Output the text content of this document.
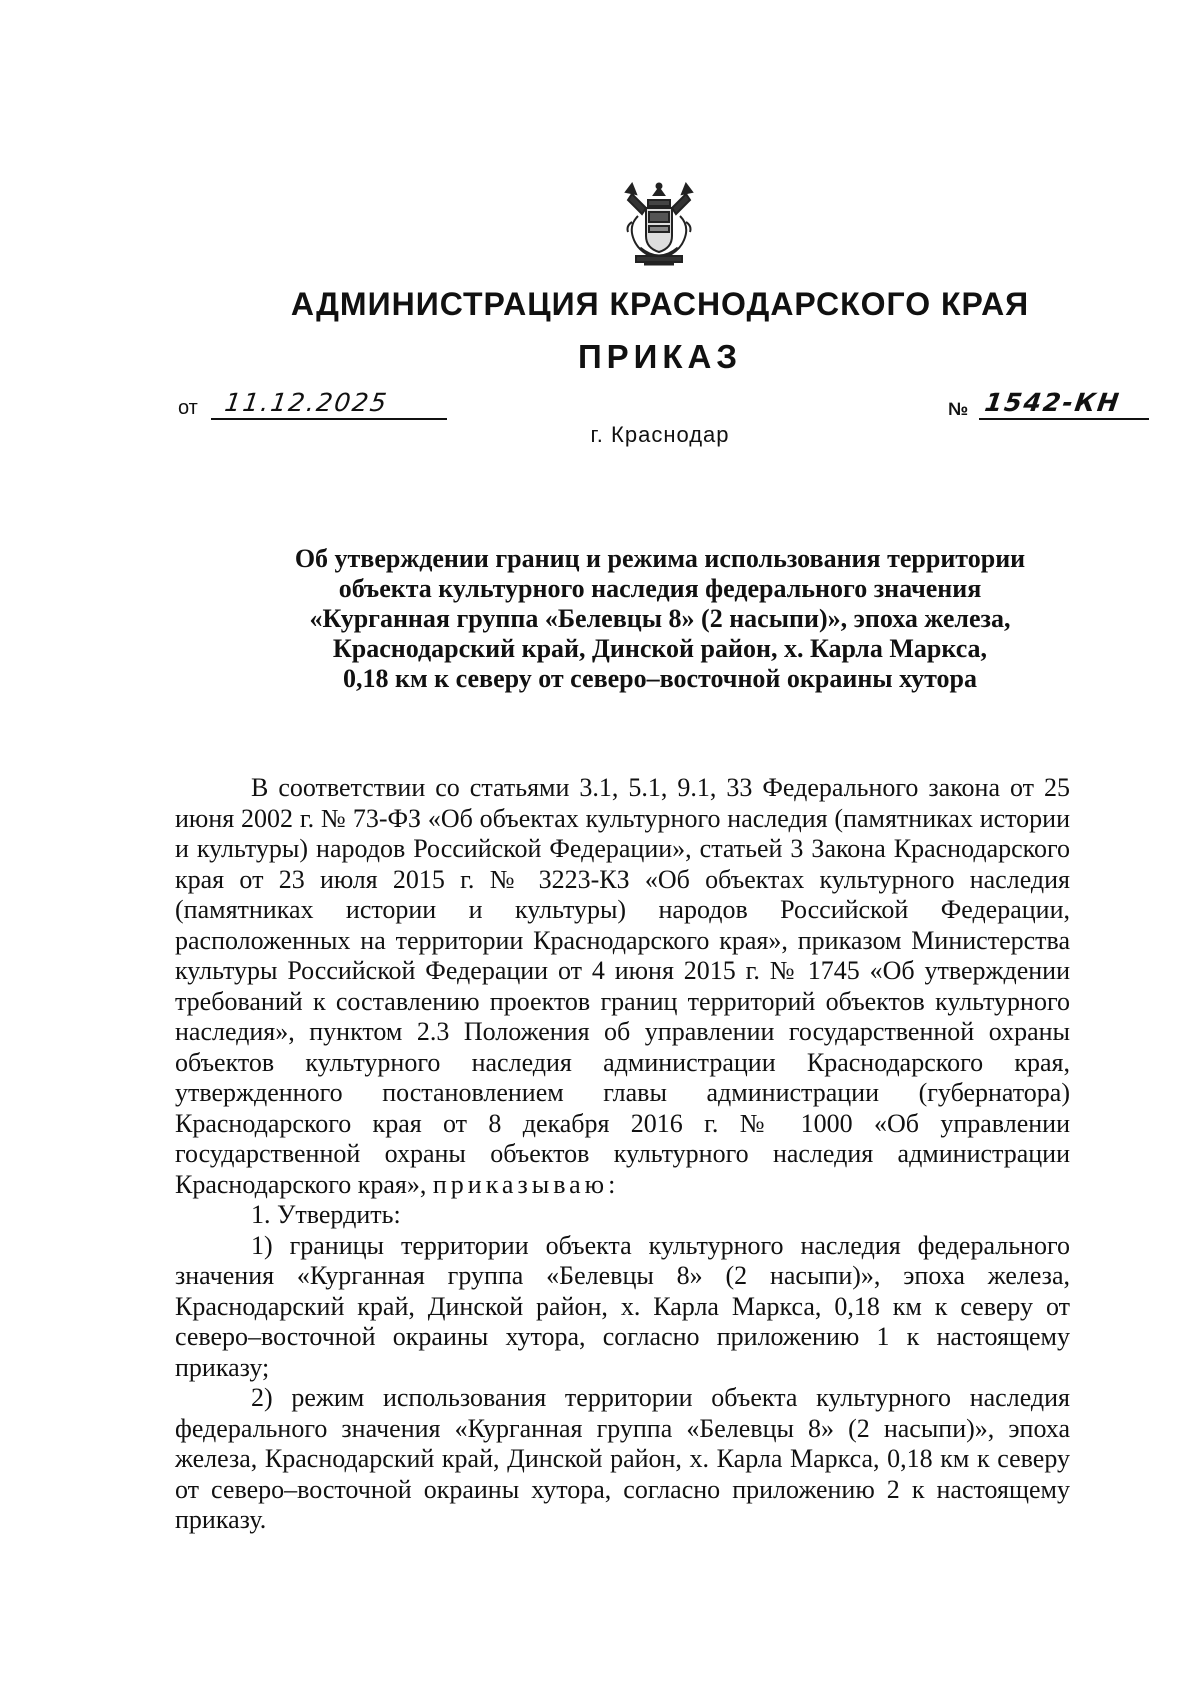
АДМИНИСТРАЦИЯ КРАСНОДАРСКОГО КРАЯ
ПРИКАЗ
от 11.12.2025
г. Краснодар
№ 1542-КН
Об утверждении границ и режима использования территории
объекта культурного наследия федерального значения
«Курганная группа «Белевцы 8» (2 насыпи)», эпоха железа,
Краснодарский край, Динской район, х. Карла Маркса,
0,18 км к северу от северо–восточной окраины хутора

В соответствии со статьями 3.1, 5.1, 9.1, 33 Федерального закона от 25 июня 2002 г. № 73-ФЗ «Об объектах культурного наследия (памятниках истории и культуры) народов Российской Федерации», статьей 3 Закона Краснодарского края от 23 июля 2015 г. № 3223-КЗ «Об объектах культурного наследия (памятниках истории и культуры) народов Российской Федерации, расположенных на территории Краснодарского края», приказом Министерства культуры Российской Федерации от 4 июня 2015 г. № 1745 «Об утверждении требований к составлению проектов границ территорий объектов культурного наследия», пунктом 2.3 Положения об управлении государственной охраны объектов культурного наследия администрации Краснодарского края, утвержденного постановлением главы администрации (губернатора) Краснодарского края от 8 декабря 2016 г. № 1000 «Об управлении государственной охраны объектов культурного наследия администрации Краснодарского края», приказываю:

1. Утвердить:

1) границы территории объекта культурного наследия федерального значения «Курганная группа «Белевцы 8» (2 насыпи)», эпоха железа, Краснодарский край, Динской район, х. Карла Маркса, 0,18 км к северу от северо–восточной окраины хутора, согласно приложению 1 к настоящему приказу;

2) режим использования территории объекта культурного наследия федерального значения «Курганная группа «Белевцы 8» (2 насыпи)», эпоха железа, Краснодарский край, Динской район, х. Карла Маркса, 0,18 км к северу от северо–восточной окраины хутора, согласно приложению 2 к настоящему приказу.
